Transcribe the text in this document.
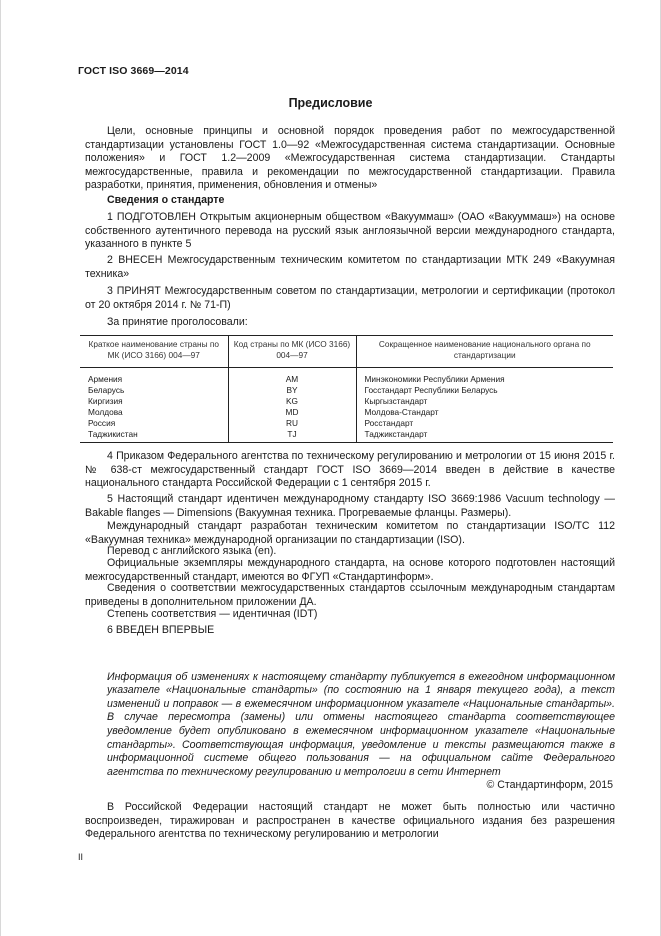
ГОСТ ISO 3669—2014
Предисловие

Цели, основные принципы и основной порядок проведения работ по межгосударственной стандартизации установлены ГОСТ 1.0—92 «Межгосударственная система стандартизации. Основные положения» и ГОСТ 1.2—2009 «Межгосударственная система стандартизации. Стандарты межгосударственные, правила и рекомендации по межгосударственной стандартизации. Правила разработки, принятия, применения, обновления и отмены»

Сведения о стандарте

1 ПОДГОТОВЛЕН Открытым акционерным обществом «Вакууммаш» (ОАО «Вакууммаш») на основе собственного аутентичного перевода на русский язык англоязычной версии международного стандарта, указанного в пункте 5

2 ВНЕСЕН Межгосударственным техническим комитетом по стандартизации МТК 249 «Вакуумная техника»

3 ПРИНЯТ Межгосударственным советом по стандартизации, метрологии и сертификации (протокол от 20 октября 2014 г. № 71-П)

За принятие проголосовали:

Краткое наименование страны по МК (ИСО 3166) 004—97	Код страны по МК (ИСО 3166) 004—97	Сокращенное наименование национального органа по стандартизации
Армения	AM	Минэкономики Республики Армения
Беларусь	BY	Госстандарт Республики Беларусь
Киргизия	KG	Кыргызстандарт
Молдова	MD	Молдова-Стандарт
Россия	RU	Росстандарт
Таджикистан	TJ	Таджикстандарт

4 Приказом Федерального агентства по техническому регулированию и метрологии от 15 июня 2015 г. № 638-ст межгосударственный стандарт ГОСТ ISO 3669—2014 введен в действие в качестве национального стандарта Российской Федерации с 1 сентября 2015 г.

5 Настоящий стандарт идентичен международному стандарту ISO 3669:1986 Vacuum technology — Bakable flanges — Dimensions (Вакуумная техника. Прогреваемые фланцы. Размеры).

Международный стандарт разработан техническим комитетом по стандартизации ISO/TC 112 «Вакуумная техника» международной организации по стандартизации (ISO).

Перевод с английского языка (en).

Официальные экземпляры международного стандарта, на основе которого подготовлен настоящий межгосударственный стандарт, имеются во ФГУП «Стандартинформ».

Сведения о соответствии межгосударственных стандартов ссылочным международным стандартам приведены в дополнительном приложении ДА.

Степень соответствия — идентичная (IDT)

6 ВВЕДЕН ВПЕРВЫЕ

Информация об изменениях к настоящему стандарту публикуется в ежегодном информационном указателе «Национальные стандарты» (по состоянию на 1 января текущего года), а текст изменений и поправок — в ежемесячном информационном указателе «Национальные стандарты». В случае пересмотра (замены) или отмены настоящего стандарта соответствующее уведомление будет опубликовано в ежемесячном информационном указателе «Национальные стандарты». Соответствующая информация, уведомление и тексты размещаются также в информационной системе общего пользования — на официальном сайте Федерального агентства по техническому регулированию и метрологии в сети Интернет

© Стандартинформ, 2015

В Российской Федерации настоящий стандарт не может быть полностью или частично воспроизведен, тиражирован и распространен в качестве официального издания без разрешения Федерального агентства по техническому регулированию и метрологии

II
